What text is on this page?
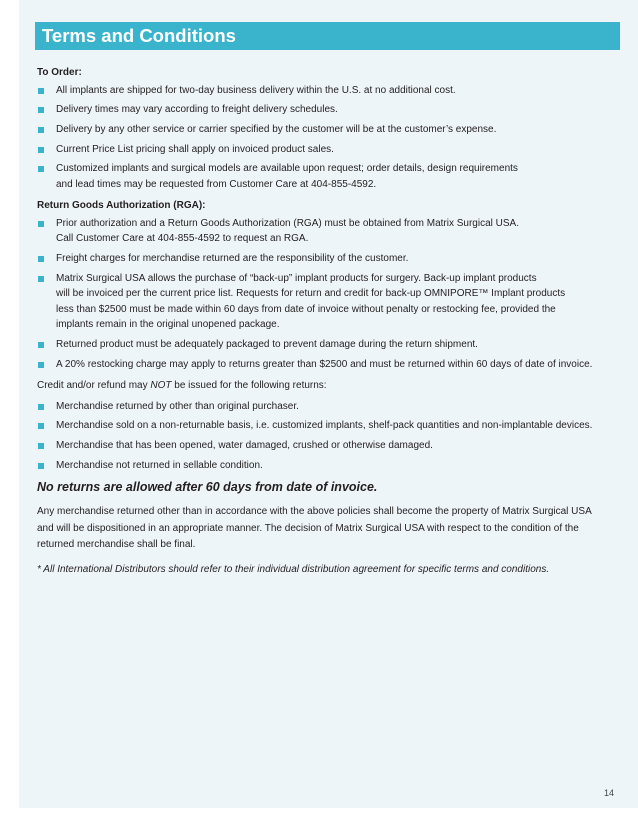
Terms and Conditions
To Order:
All implants are shipped for two-day business delivery within the U.S. at no additional cost.
Delivery times may vary according to freight delivery schedules.
Delivery by any other service or carrier specified by the customer will be at the customer’s expense.
Current Price List pricing shall apply on invoiced product sales.
Customized implants and surgical models are available upon request; order details, design requirements
and lead times may be requested from Customer Care at 404-855-4592.
Return Goods Authorization (RGA):
Prior authorization and a Return Goods Authorization (RGA) must be obtained from Matrix Surgical USA.
Call Customer Care at 404-855-4592 to request an RGA.
Freight charges for merchandise returned are the responsibility of the customer.
Matrix Surgical USA allows the purchase of “back-up” implant products for surgery. Back-up implant products
will be invoiced per the current price list. Requests for return and credit for back-up OMNIPORE™ Implant products
less than $2500 must be made within 60 days from date of invoice without penalty or restocking fee, provided the
implants remain in the original unopened package.
Returned product must be adequately packaged to prevent damage during the return shipment.
A 20% restocking charge may apply to returns greater than $2500 and must be returned within 60 days of date of invoice.

Credit and/or refund may NOT be issued for the following returns:

Merchandise returned by other than original purchaser.
Merchandise sold on a non-returnable basis, i.e. customized implants, shelf-pack quantities and non-implantable devices.
Merchandise that has been opened, water damaged, crushed or otherwise damaged.
Merchandise not returned in sellable condition.
No returns are allowed after 60 days from date of invoice.

Any merchandise returned other than in accordance with the above policies shall become the property of Matrix Surgical USA
and will be dispositioned in an appropriate manner. The decision of Matrix Surgical USA with respect to the condition of the
returned merchandise shall be final.

* All International Distributors should refer to their individual distribution agreement for specific terms and conditions.
14
